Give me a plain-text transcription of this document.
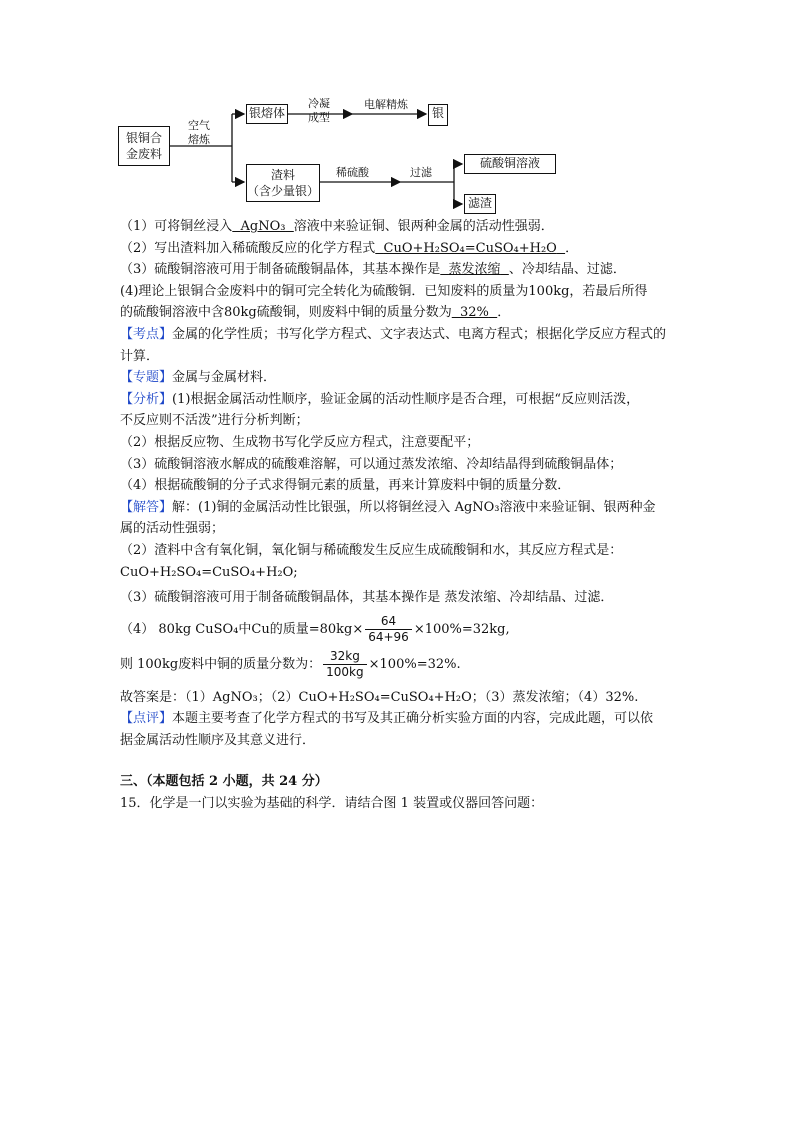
银铜合
金废料
空气
熔炼
银熔体
冷凝
成型
电解精炼
银
渣料
（含少量银）
稀硫酸	过滤
硫酸铜溶液
滤渣

（1）可将铜丝浸入 AgNO₃ 溶液中来验证铜、银两种金属的活动性强弱．

（2）写出渣料加入稀硫酸反应的化学方程式 CuO+H₂SO₄=CuSO₄+H₂O ．

（3）硫酸铜溶液可用于制备硫酸铜晶体，其基本操作是 蒸发浓缩 、冷却结晶、过滤．

(4)理论上银铜合金废料中的铜可完全转化为硫酸铜．已知废料的质量为100kg，若最后所得

的硫酸铜溶液中含80kg硫酸铜，则废料中铜的质量分数为 32% ．

【考点】金属的化学性质；书写化学方程式、文字表达式、电离方程式；根据化学反应方程式的

计算．

【专题】金属与金属材料．

【分析】(1)根据金属活动性顺序，验证金属的活动性顺序是否合理，可根据“反应则活泼，

不反应则不活泼”进行分析判断；

（2）根据反应物、生成物书写化学反应方程式，注意要配平；

（3）硫酸铜溶液水解成的硫酸难溶解，可以通过蒸发浓缩、冷却结晶得到硫酸铜晶体；

（4）根据硫酸铜的分子式求得铜元素的质量，再来计算废料中铜的质量分数．

【解答】解：(1)铜的金属活动性比银强，所以将铜丝浸入 AgNO₃溶液中来验证铜、银两种金

属的活动性强弱；

（2）渣料中含有氧化铜，氧化铜与稀硫酸发生反应生成硫酸铜和水，其反应方程式是：

CuO+H₂SO₄=CuSO₄+H₂O;

（3）硫酸铜溶液可用于制备硫酸铜晶体，其基本操作是 蒸发浓缩、冷却结晶、过滤．

（4） 80kg CuSO₄中Cu的质量$=80kg\times \frac{64}{64+96} \times 100\%=32kg$,

则 100kg废料中铜的质量分数为： $\frac{32kg}{100kg} \times 100\%=32\%$.

故答案是：（1）AgNO₃；（2）CuO+H₂SO₄=CuSO₄+H₂O；（3）蒸发浓缩；（4）32%.

【点评】本题主要考查了化学方程式的书写及其正确分析实验方面的内容，完成此题，可以依

据金属活动性顺序及其意义进行．

三、（本题包括 2 小题，共 24 分）

15．化学是一门以实验为基础的科学．请结合图 1 装置或仪器回答问题：
